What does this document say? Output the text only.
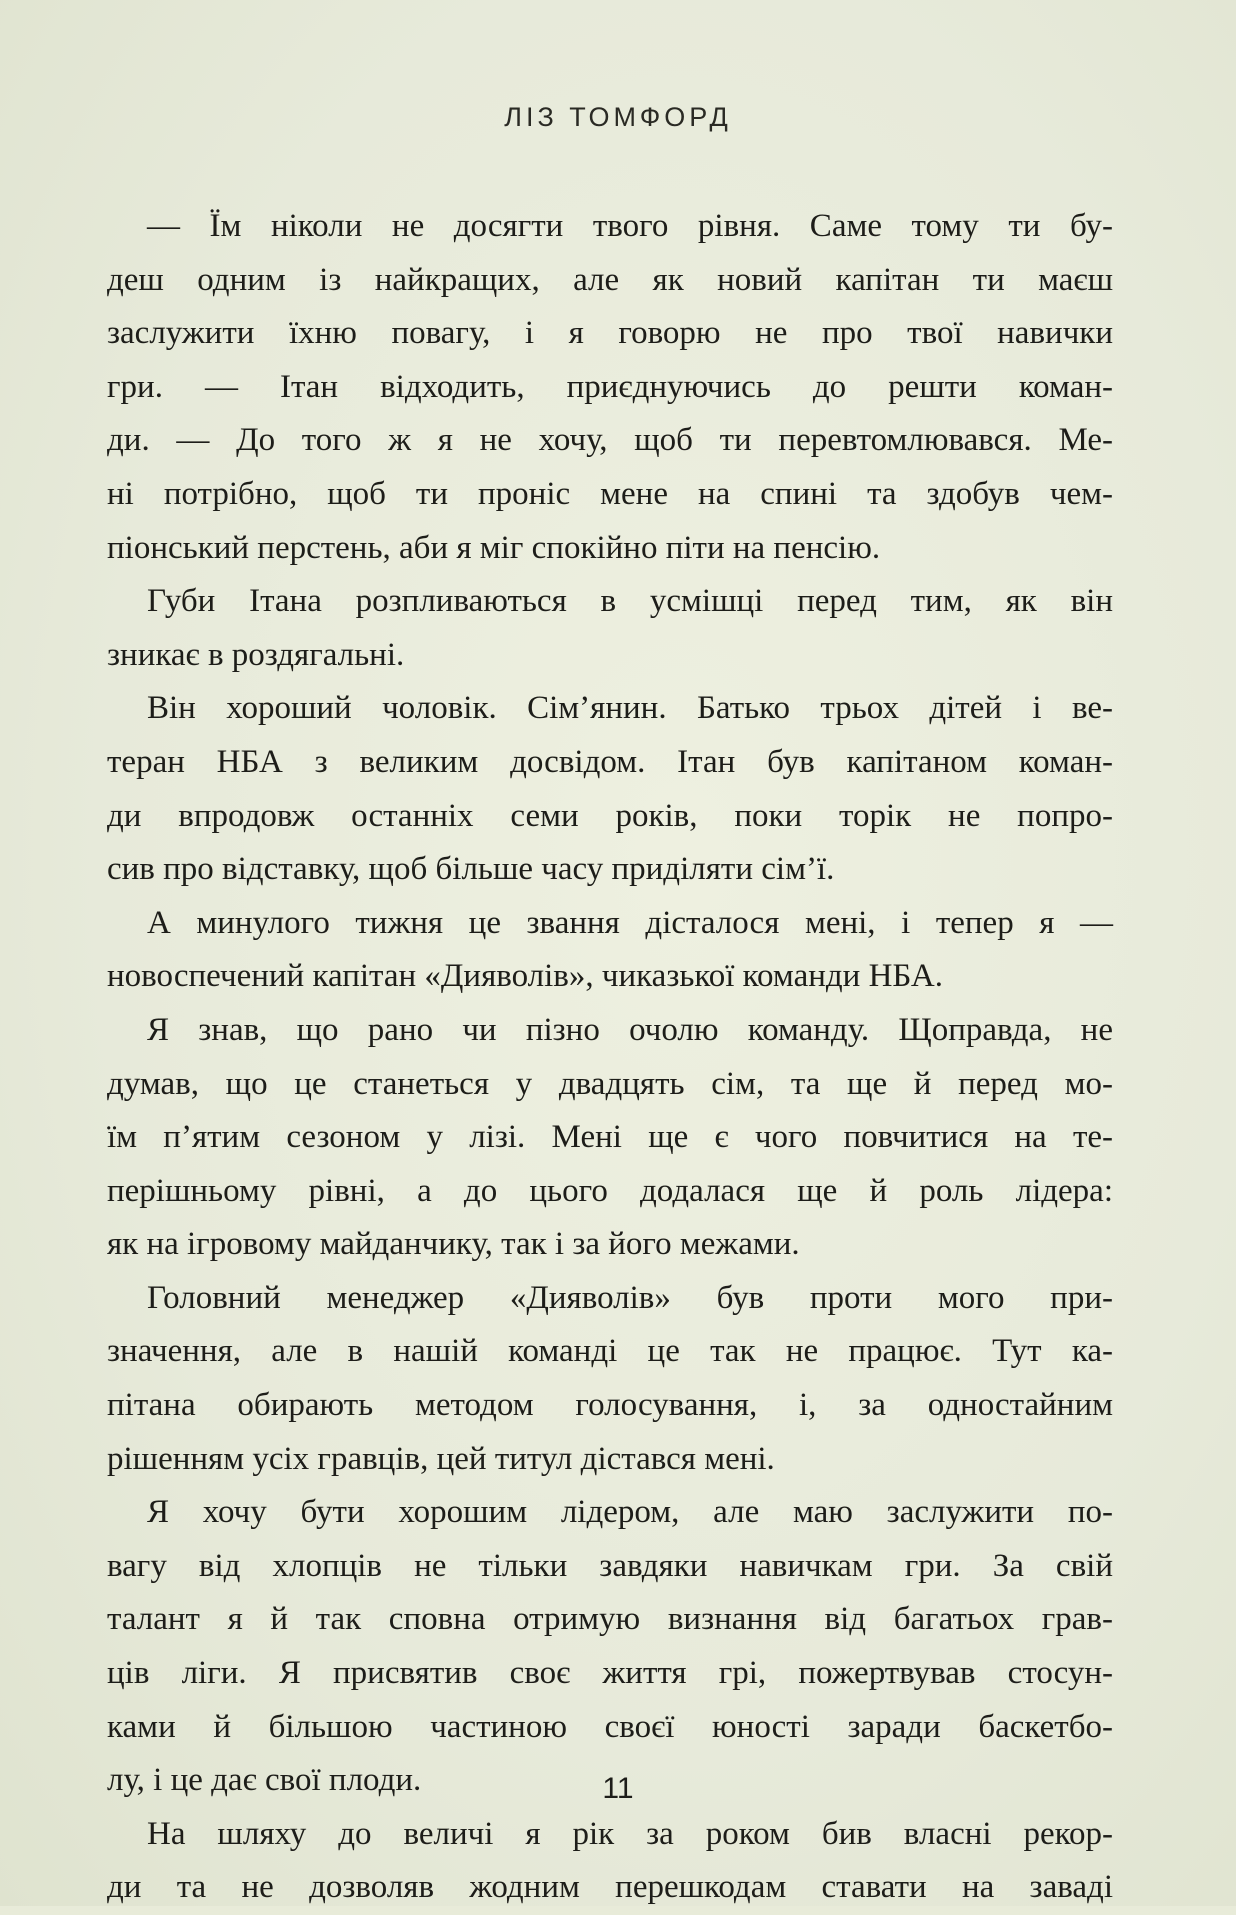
ЛІЗ ТОМФОРД
— Їм ніколи не досягти твого рівня. Саме тому ти бу-
деш одним із найкращих, але як новий капітан ти маєш
заслужити їхню повагу, і я говорю не про твої навички
гри. — Ітан відходить, приєднуючись до решти коман-
ди. — До того ж я не хочу, щоб ти перевтомлювався. Ме-
ні потрібно, щоб ти проніс мене на спині та здобув чем-
піонський перстень, аби я міг спокійно піти на пенсію.
Губи Ітана розпливаються в усмішці перед тим, як він
зникає в роздягальні.
Він хороший чоловік. Сім’янин. Батько трьох дітей і ве-
теран НБА з великим досвідом. Ітан був капітаном коман-
ди впродовж останніх семи років, поки торік не попро-
сив про відставку, щоб більше часу приділяти сім’ї.
А минулого тижня це звання дісталося мені, і тепер я —
новоспечений капітан «Дияволів», чиказької команди НБА.
Я знав, що рано чи пізно очолю команду. Щоправда, не
думав, що це станеться у двадцять сім, та ще й перед мо-
їм п’ятим сезоном у лізі. Мені ще є чого повчитися на те-
перішньому рівні, а до цього додалася ще й роль лідера:
як на ігровому майданчику, так і за його межами.
Головний менеджер «Дияволів» був проти мого при-
значення, але в нашій команді це так не працює. Тут ка-
пітана обирають методом голосування, і, за одностайним
рішенням усіх гравців, цей титул дістався мені.
Я хочу бути хорошим лідером, але маю заслужити по-
вагу від хлопців не тільки завдяки навичкам гри. За свій
талант я й так сповна отримую визнання від багатьох грав-
ців ліги. Я присвятив своє життя грі, пожертвував стосун-
ками й більшою частиною своєї юності заради баскетбо-
лу, і це дає свої плоди.
На шляху до величі я рік за роком бив власні рекор-
ди та не дозволяв жодним перешкодам ставати на заваді
11
